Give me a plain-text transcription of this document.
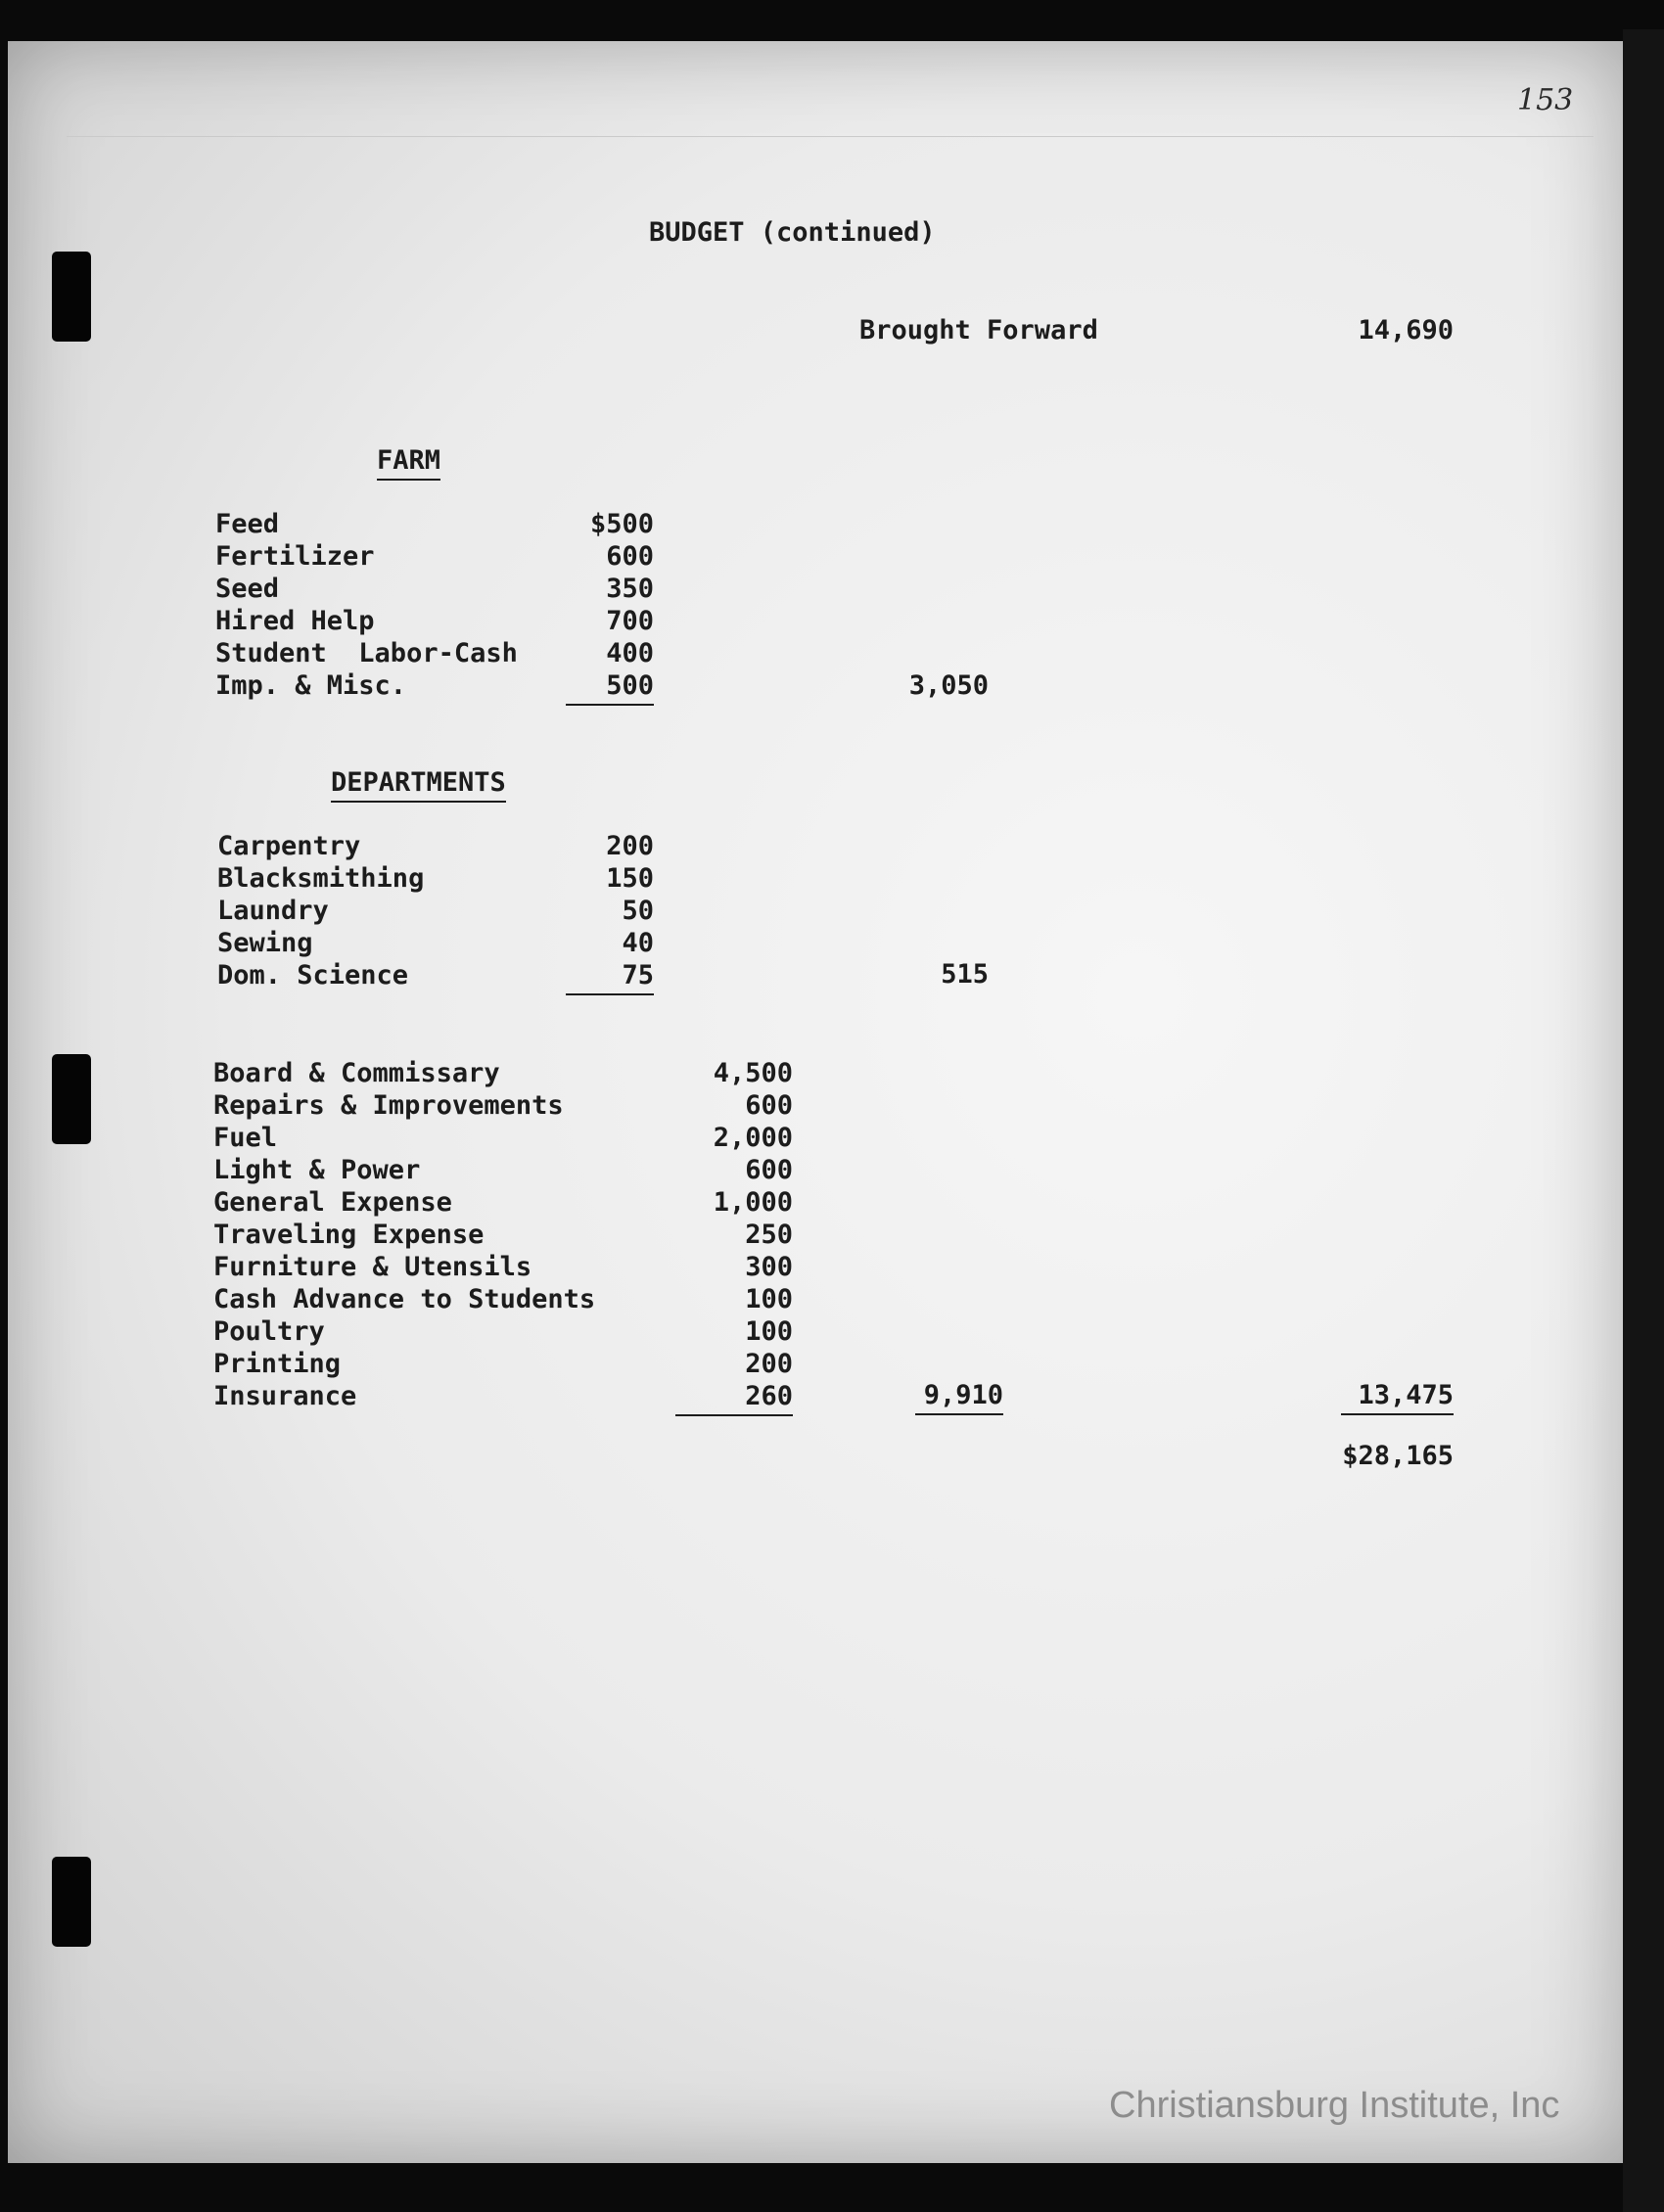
153
BUDGET (continued)
Brought Forward	14,690
FARM
Feed	$500
Fertilizer	600
Seed	350
Hired Help	700
Student  Labor-Cash	400
Imp. & Misc.	500	3,050
DEPARTMENTS
Carpentry	200
Blacksmithing	150
Laundry	50
Sewing	40
Dom. Science	75	515
Board & Commissary	4,500
Repairs & Improvements	600
Fuel	2,000
Light & Power	600
General Expense	1,000
Traveling Expense	250
Furniture & Utensils	300
Cash Advance to Students	100
Poultry	100
Printing	200
Insurance	260	9,910	13,475
$28,165
Christiansburg Institute, Inc
